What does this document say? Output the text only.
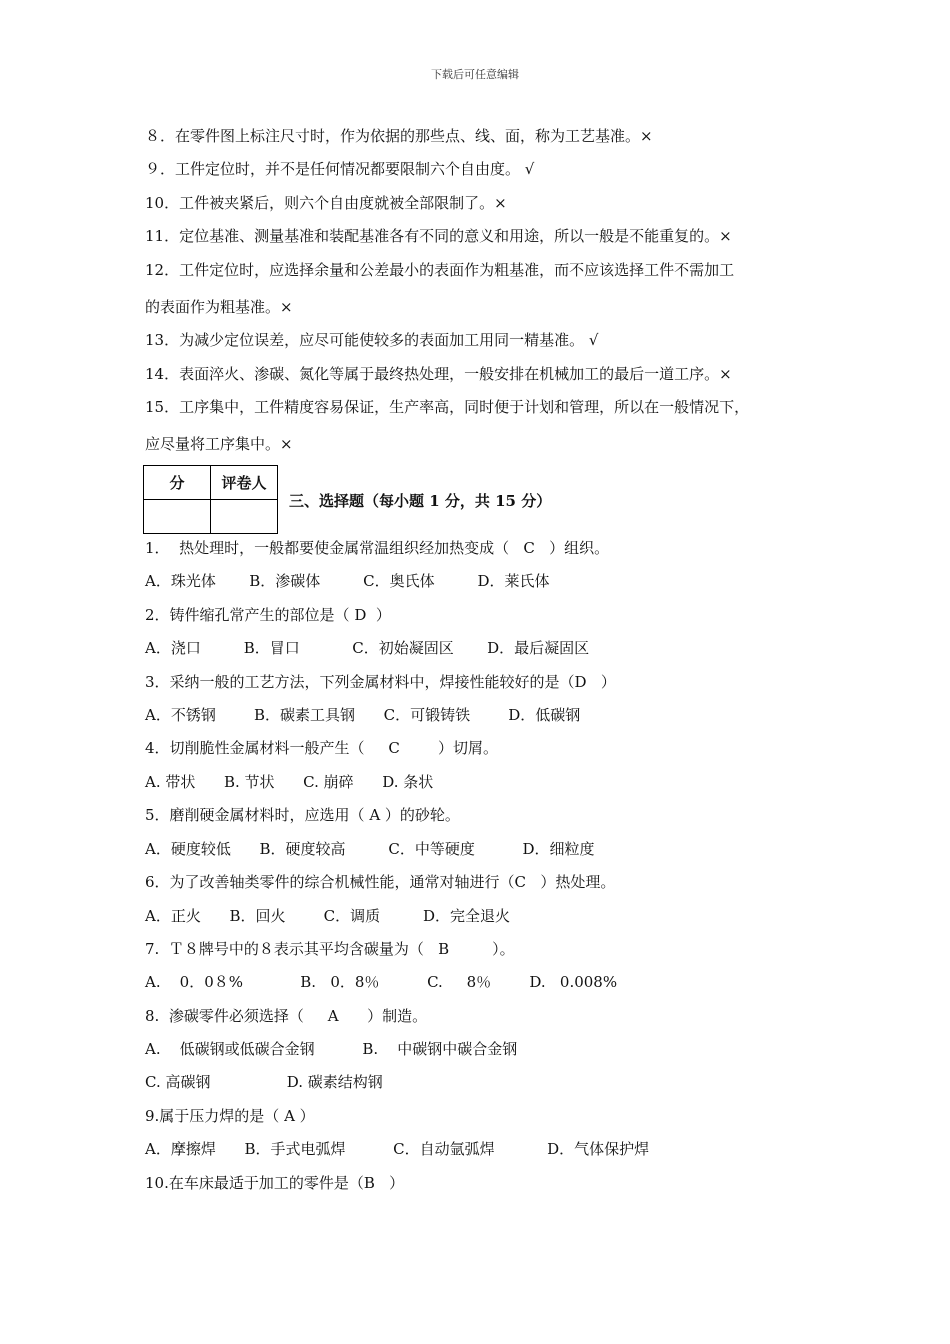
下载后可任意编辑
８．在零件图上标注尺寸时，作为依据的那些点、线、面，称为工艺基准。×
９．工件定位时，并不是任何情况都要限制六个自由度。 √
10．工件被夹紧后，则六个自由度就被全部限制了。×
11．定位基准、测量基准和装配基准各有不同的意义和用途，所以一般是不能重复的。×
12．工件定位时，应选择余量和公差最小的表面作为粗基准，而不应该选择工件不需加工
的表面作为粗基准。×
13．为减少定位误差，应尽可能使较多的表面加工用同一精基准。 √
14．表面淬火、渗碳、氮化等属于最终热处理，一般安排在机械加工的最后一道工序。×
15．工序集中，工件精度容易保证，生产率高，同时便于计划和管理，所以在一般情况下，
应尽量将工序集中。×
分	评卷人

三、选择题（每小题 1 分，共 15 分）
1．  热处理时，一般都要使金属常温组织经加热变成（   C   ）组织。
A．珠光体       B．渗碳体         C．奥氏体         D．莱氏体
2．铸件缩孔常产生的部位是（ D  ）
A．浇口         B．冒口           C．初始凝固区       D．最后凝固区
3．采纳一般的工艺方法，下列金属材料中，焊接性能较好的是（D   ）
A．不锈钢        B．碳素工具钢      C．可锻铸铁        D．低碳钢
4．切削脆性金属材料一般产生（     C        ）切屑。
A. 带状      B. 节状      C. 崩碎      D. 条状
5．磨削硬金属材料时，应选用（ A ）的砂轮。
A．硬度较低      B．硬度较高         C．中等硬度          D．细粒度
6．为了改善轴类零件的综合机械性能，通常对轴进行（C   ）热处理。
A．正火      B．回火        C．调质         D．完全退火
7.  Ｔ８牌号中的８表示其平均含碳量为（   B         ）。
A.    0．0８%            B.   0．8％          C.     8％        D.   0.008%
8.  渗碳零件必须选择（     A      ）制造。
A.    低碳钢或低碳合金钢          B.    中碳钢中碳合金钢
C. 高碳钢                D. 碳素结构钢
9.属于压力焊的是（ A ）
A．摩擦焊      B．手式电弧焊          C．自动氩弧焊           D．气体保护焊
10.在车床最适于加工的零件是（B   ）
